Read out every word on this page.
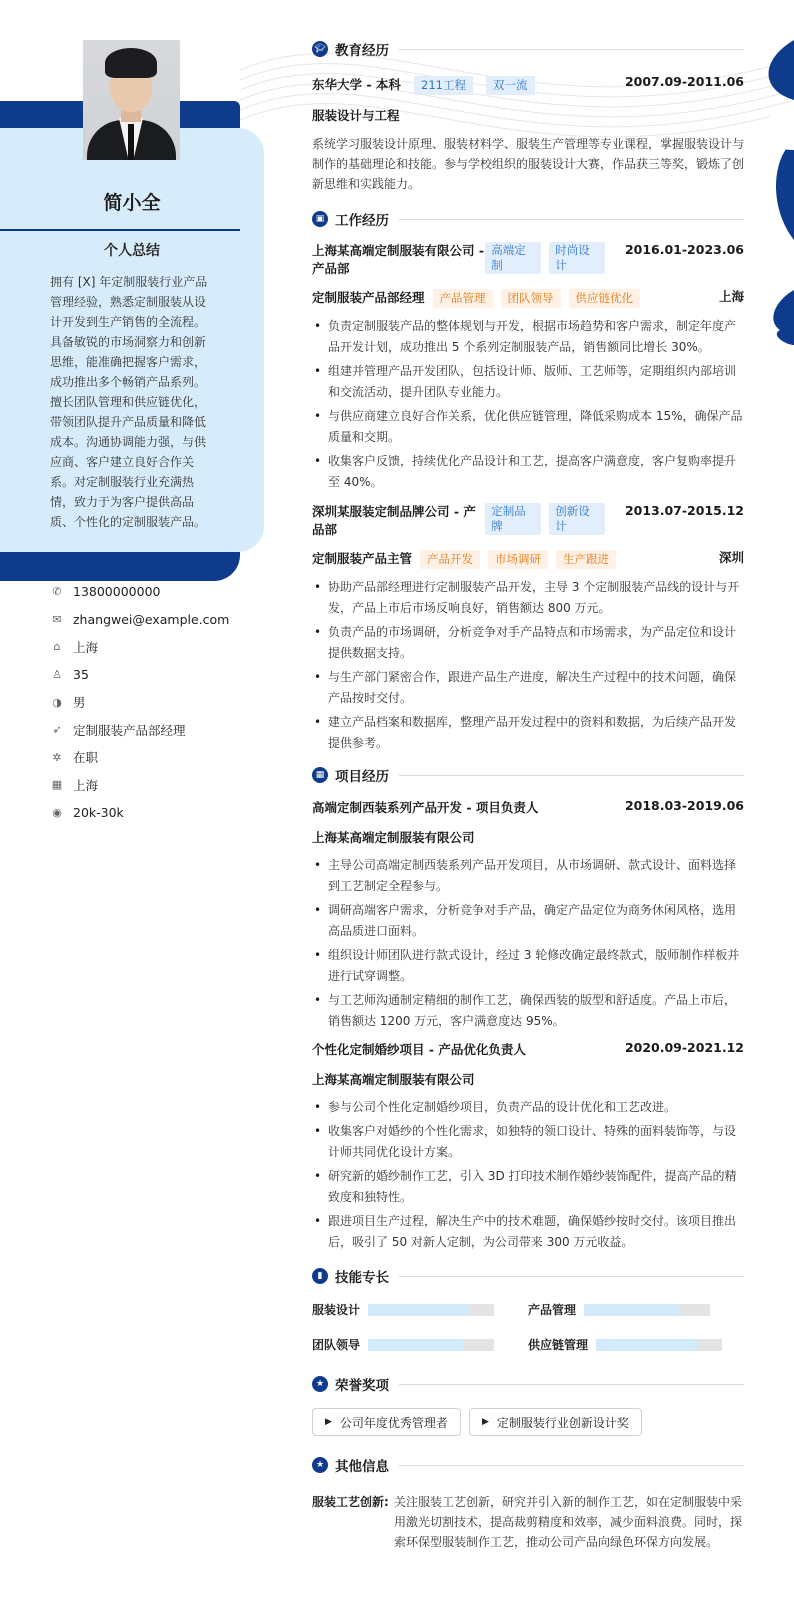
简小全
个人总结
拥有 [X] 年定制服装行业产品管理经验，熟悉定制服装从设计开发到生产销售的全流程。具备敏锐的市场洞察力和创新思维，能准确把握客户需求，成功推出多个畅销产品系列。擅长团队管理和供应链优化，带领团队提升产品质量和降低成本。沟通协调能力强，与供应商、客户建立良好合作关系。对定制服装行业充满热情，致力于为客户提供高品质、个性化的定制服装产品。
✆ 13800000000
✉ zhangwei@example.com
⌂ 上海
♙ 35
◑ 男
➶ 定制服装产品部经理
✲ 在职
▦ 上海
◉ 20k-30k
🎓︎ 教育经历
东华大学 - 本科 211工程 双一流	2007.09-2011.06
服装设计与工程
系统学习服装设计原理、服装材料学、服装生产管理等专业课程，掌握服装设计与制作的基础理论和技能。参与学校组织的服装设计大赛，作品获三等奖，锻炼了创新思维和实践能力。
▣ 工作经历
上海某高端定制服装有限公司 - 产品部
高端定制
时尚设计
2016.01-2023.06
定制服装产品部经理 产品管理 团队领导 供应链优化	上海
• 负责定制服装产品的整体规划与开发，根据市场趋势和客户需求，制定年度产品开发计划，成功推出 5 个系列定制服装产品，销售额同比增长 30%。
• 组建并管理产品开发团队，包括设计师、版师、工艺师等，定期组织内部培训和交流活动，提升团队专业能力。
• 与供应商建立良好合作关系，优化供应链管理，降低采购成本 15%，确保产品质量和交期。
• 收集客户反馈，持续优化产品设计和工艺，提高客户满意度，客户复购率提升至 40%。
深圳某服装定制品牌公司 - 产品部
定制品牌
创新设计
2013.07-2015.12
定制服装产品主管 产品开发 市场调研 生产跟进	深圳
• 协助产品部经理进行定制服装产品开发，主导 3 个定制服装产品线的设计与开发，产品上市后市场反响良好，销售额达 800 万元。
• 负责产品的市场调研，分析竞争对手产品特点和市场需求，为产品定位和设计提供数据支持。
• 与生产部门紧密合作，跟进产品生产进度，解决生产过程中的技术问题，确保产品按时交付。
• 建立产品档案和数据库，整理产品开发过程中的资料和数据，为后续产品开发提供参考。
▦ 项目经历
高端定制西装系列产品开发 - 项目负责人	2018.03-2019.06
上海某高端定制服装有限公司
• 主导公司高端定制西装系列产品开发项目，从市场调研、款式设计、面料选择到工艺制定全程参与。
• 调研高端客户需求，分析竞争对手产品，确定产品定位为商务休闲风格，选用高品质进口面料。
• 组织设计师团队进行款式设计，经过 3 轮修改确定最终款式，版师制作样板并进行试穿调整。
• 与工艺师沟通制定精细的制作工艺，确保西装的版型和舒适度。产品上市后，销售额达 1200 万元，客户满意度达 95%。
个性化定制婚纱项目 - 产品优化负责人	2020.09-2021.12
上海某高端定制服装有限公司
• 参与公司个性化定制婚纱项目，负责产品的设计优化和工艺改进。
• 收集客户对婚纱的个性化需求，如独特的领口设计、特殊的面料装饰等，与设计师共同优化设计方案。
• 研究新的婚纱制作工艺，引入 3D 打印技术制作婚纱装饰配件，提高产品的精致度和独特性。
• 跟进项目生产过程，解决生产中的技术难题，确保婚纱按时交付。该项目推出后，吸引了 50 对新人定制，为公司带来 300 万元收益。
▮ 技能专长
服装设计	产品管理
团队领导	供应链管理
★ 荣誉奖项
▶ 公司年度优秀管理者	▶ 定制服装行业创新设计奖
★ 其他信息
服装工艺创新: 关注服装工艺创新，研究并引入新的制作工艺，如在定制服装中采用激光切割技术，提高裁剪精度和效率，减少面料浪费。同时，探索环保型服装制作工艺，推动公司产品向绿色环保方向发展。
